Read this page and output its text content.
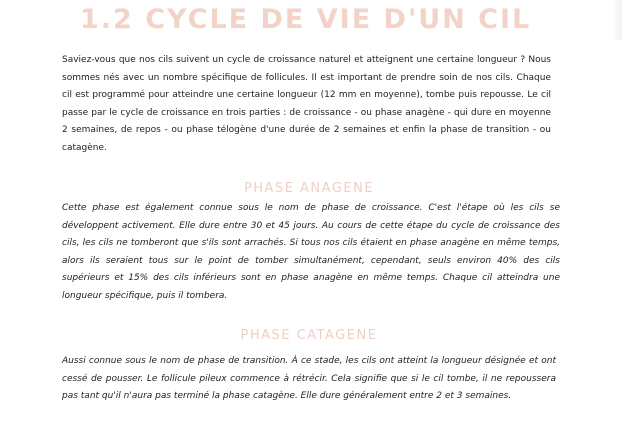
1.2 CYCLE DE VIE D'UN CIL

Saviez-vous que nos cils suivent un cycle de croissance naturel et atteignent une certaine longueur ? Nous sommes nés avec un nombre spécifique de follicules. Il est important de prendre soin de nos cils. Chaque cil est programmé pour atteindre une certaine longueur (12 mm en moyenne), tombe puis repousse. Le cil passe par le cycle de croissance en trois parties : de croissance - ou phase anagène - qui dure en moyenne 2 semaines, de repos - ou phase télogène d'une durée de 2 semaines et enfin la phase de transition - ou catagène.

PHASE ANAGENE

Cette phase est également connue sous le nom de phase de croissance. C'est l'étape où les cils se développent activement. Elle dure entre 30 et 45 jours. Au cours de cette étape du cycle de croissance des cils, les cils ne tomberont que s'ils sont arrachés. Si tous nos cils étaient en phase anagène en même temps, alors ils seraient tous sur le point de tomber simultanément, cependant, seuls environ 40% des cils supérieurs et 15% des cils inférieurs sont en phase anagène en même temps. Chaque cil atteindra une longueur spécifique, puis il tombera.

PHASE CATAGENE

Aussi connue sous le nom de phase de transition. À ce stade, les cils ont atteint la longueur désignée et ont cessé de pousser. Le follicule pileux commence à rétrécir. Cela signifie que si le cil tombe, il ne repoussera pas tant qu'il n'aura pas terminé la phase catagène. Elle dure généralement entre 2 et 3 semaines.
